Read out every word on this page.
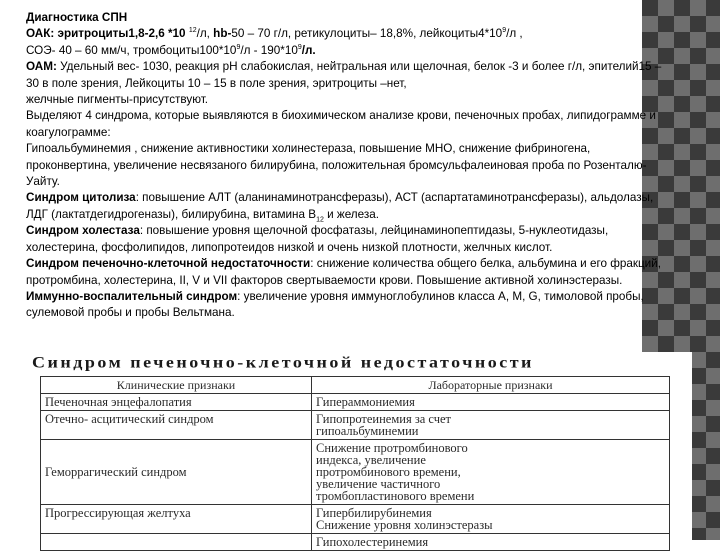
Диагностика СПН

ОАК: эритроциты1,8-2,6 *10 $^{12}$/л, hb-50 – 70 г/л, ретикулоциты– 18,8%, $лейкоциты4*10^9/л$ ,

СОЭ- 40 – 60 мм/ч, $тромбоциты100*10^9/л - 190*10^9/л$.

ОАМ: Удельный вес- 1030, реакция рН слабокислая, нейтральная или щелочная, белок -3 и более г/л, эпителий15 – 30 в поле зрения, Лейкоциты 10 – 15 в поле зрения, эритроциты –нет,
желчные пигменты-присутствуют.

Выделяют 4 синдрома, которые выявляются в биохимическом анализе крови, печеночных пробах, липидограмме и коагулограмме:

Гипоальбуминемия , снижение активностики холинестераза, повышение МНО, снижение фибриногена, проконвертина, увеличение несвязаного билирубина, положительная бромсульфалеиновая проба по Розенталю-Уайту.

Синдром цитолиза: повышение АЛТ (аланинаминотрансферазы), АСТ (аспартатаминотрансферазы), альдолазы, ЛДГ (лактатдегидрогеназы), билирубина, витамина $В_{12}$ и железа.

Синдром холестаза: повышение уровня щелочной фосфатазы, лейцинаминопептидазы, 5-нуклеотидазы, холестерина, фосфолипидов, липопротеидов низкой и очень низкой плотности, желчных кислот.

Синдром печеночно-клеточной недостаточности: снижение количества общего белка, альбумина и его фракций, протромбина, холестерина, II, V и VII факторов свертываемости крови. Повышение активной холинэстеразы.

Иммунно-воспалительный синдром: увеличение уровня иммуноглобулинов класса А, М, G, тимоловой пробы, сулемовой пробы и пробы Вельтмана.

Синдром печеночно-клеточной недостаточности
Клинические признаки	Лабораторные признаки
Печеночная энцефалопатия	Гипераммониемия

Отечно- асцитический синдром	Гипопротеинемия за счет
гипоальбуминемии

Геморрагический синдром	Снижение протромбинового
индекса, увеличение
протромбинового времени,
увеличение частичного
тромбопластинового времени

Прогрессирующая желтуха	Гипербилирубинемия
Снижение уровня холинэстеразы

	Гипохолестеринемия
